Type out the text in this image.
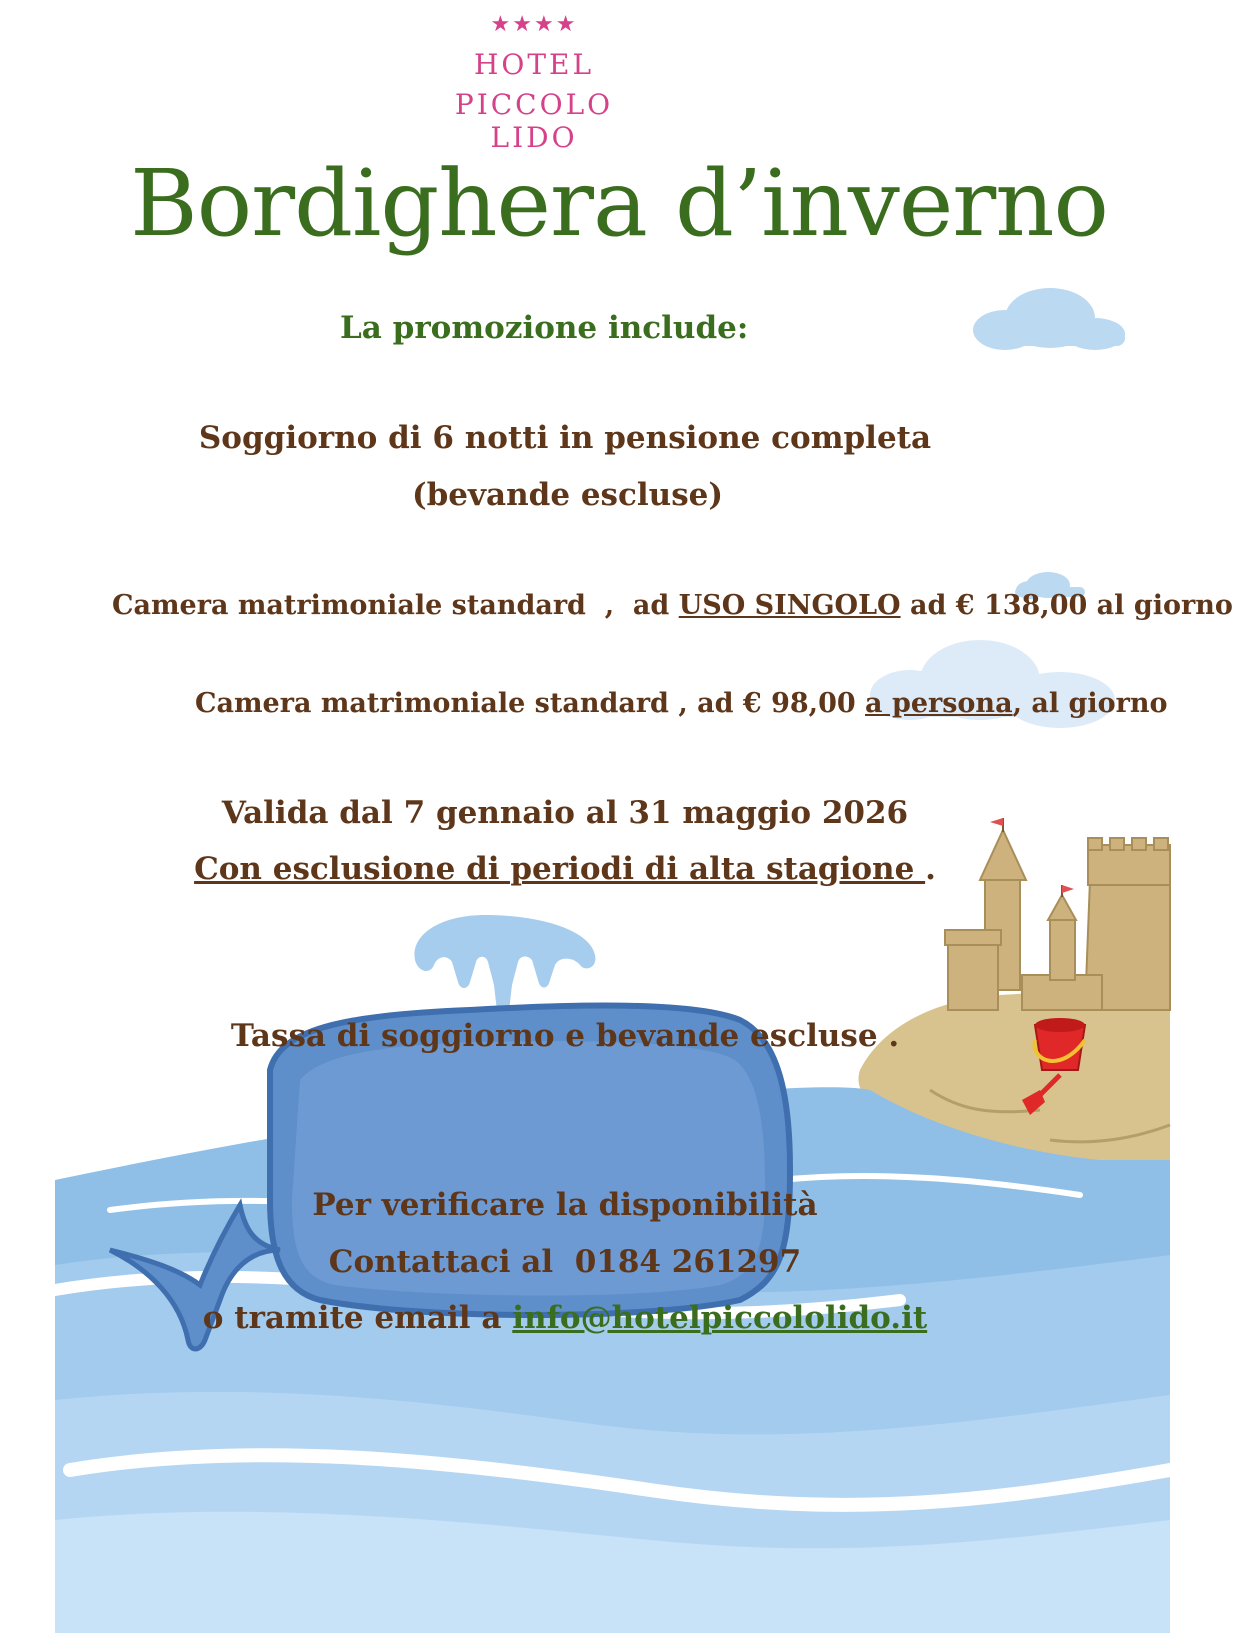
★★★★
HOTEL
PICCOLO LIDO
Bordighera d’inverno
La promozione include:
Soggiorno di 6 notti in pensione completa
(bevande escluse)
Camera matrimoniale standard  ,  ad USO SINGOLO ad € 138,00 al giorno
Camera matrimoniale standard , ad € 98,00 a persona, al giorno
Valida dal 7 gennaio al 31 maggio 2026
Con esclusione di periodi di alta stagione .
Tassa di soggiorno e bevande escluse .
Per verificare la disponibilità
Contattaci al  0184 261297
o tramite email a info@hotelpiccololido.it
